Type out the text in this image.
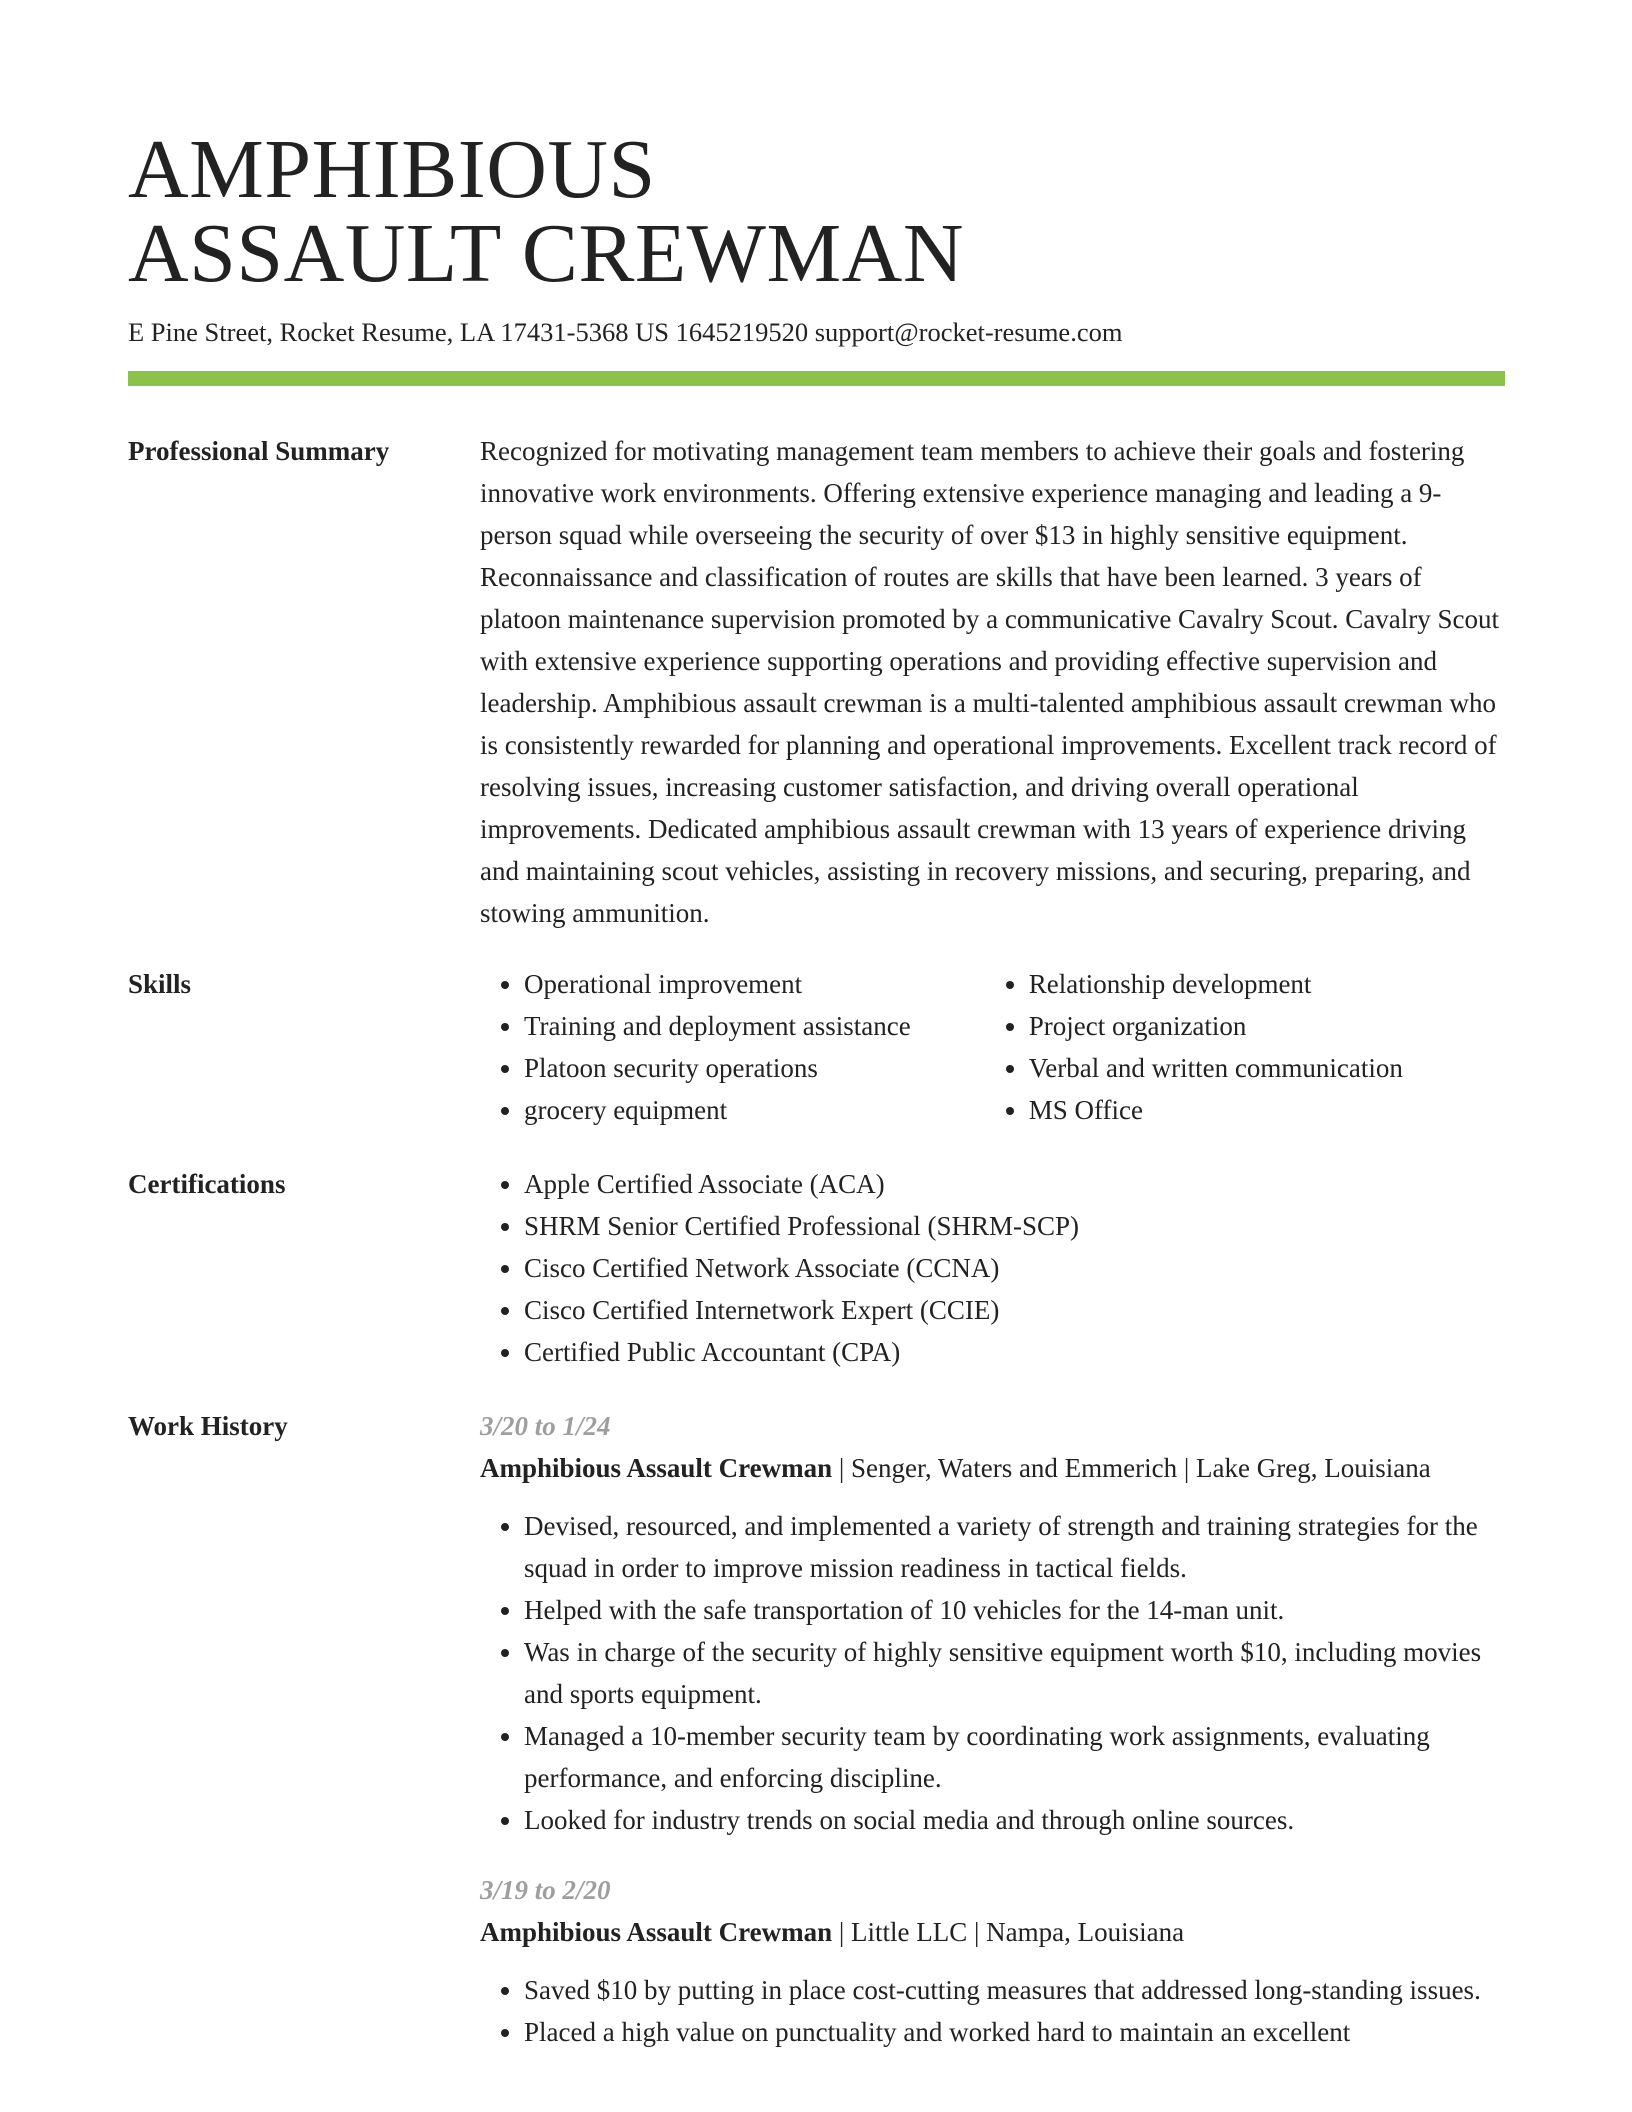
AMPHIBIOUS
ASSAULT CREWMAN
E Pine Street, Rocket Resume, LA 17431-5368 US 1645219520 support@rocket-resume.com
Professional Summary	Recognized for motivating management team members to achieve their goals and fostering innovative work environments. Offering extensive experience managing and leading a 9-person squad while overseeing the security of over $13 in highly sensitive equipment. Reconnaissance and classification of routes are skills that have been learned. 3 years of platoon maintenance supervision promoted by a communicative Cavalry Scout. Cavalry Scout with extensive experience supporting operations and providing effective supervision and leadership. Amphibious assault crewman is a multi-talented amphibious assault crewman who is consistently rewarded for planning and operational improvements. Excellent track record of resolving issues, increasing customer satisfaction, and driving overall operational improvements. Dedicated amphibious assault crewman with 13 years of experience driving and maintaining scout vehicles, assisting in recovery missions, and securing, preparing, and stowing ammunition.

Skills	• Operational improvement
• Training and deployment assistance
• Platoon security operations
• grocery equipment
• Relationship development
• Project organization
• Verbal and written communication
• MS Office
Certifications	• Apple Certified Associate (ACA)
• SHRM Senior Certified Professional (SHRM-SCP)
• Cisco Certified Network Associate (CCNA)
• Cisco Certified Internetwork Expert (CCIE)
• Certified Public Accountant (CPA)
Work History	3/20 to 1/24

Amphibious Assault Crewman | Senger, Waters and Emmerich | Lake Greg, Louisiana

• Devised, resourced, and implemented a variety of strength and training strategies for the squad in order to improve mission readiness in tactical fields.
• Helped with the safe transportation of 10 vehicles for the 14-man unit.
• Was in charge of the security of highly sensitive equipment worth $10, including movies and sports equipment.
• Managed a 10-member security team by coordinating work assignments, evaluating performance, and enforcing discipline.
• Looked for industry trends on social media and through online sources.

3/19 to 2/20

Amphibious Assault Crewman | Little LLC | Nampa, Louisiana

• Saved $10 by putting in place cost-cutting measures that addressed long-standing issues.
• Placed a high value on punctuality and worked hard to maintain an excellent
